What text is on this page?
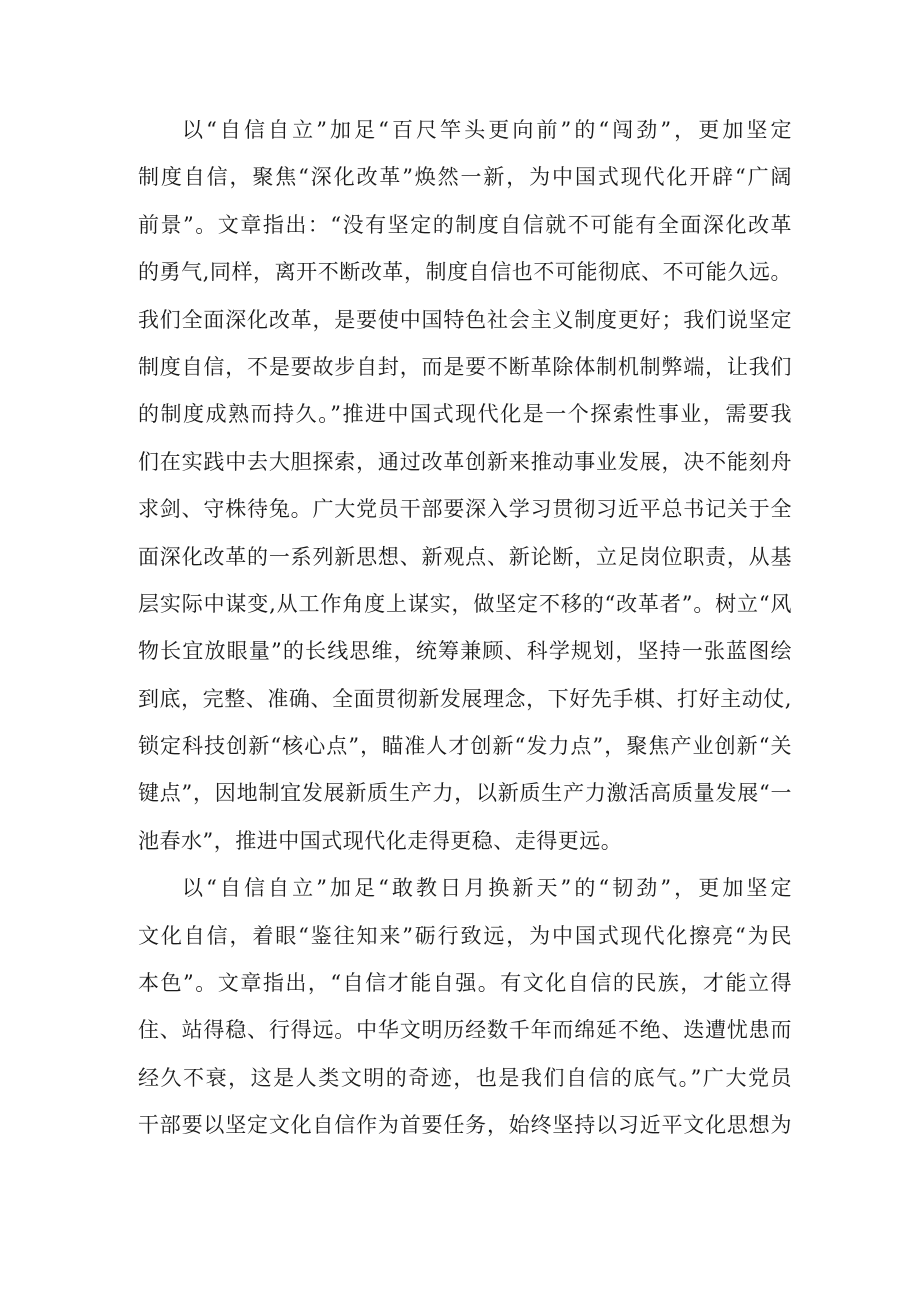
以“自信自立”加足“百尺竿头更向前”的“闯劲”，更加坚定
制度自信，聚焦“深化改革”焕然一新，为中国式现代化开辟“广阔
前景”。文章指出：“没有坚定的制度自信就不可能有全面深化改革
的勇气,同样，离开不断改革，制度自信也不可能彻底、不可能久远。
我们全面深化改革，是要使中国特色社会主义制度更好；我们说坚定
制度自信，不是要故步自封，而是要不断革除体制机制弊端，让我们
的制度成熟而持久。”推进中国式现代化是一个探索性事业，需要我
们在实践中去大胆探索，通过改革创新来推动事业发展，决不能刻舟
求剑、守株待兔。广大党员干部要深入学习贯彻习近平总书记关于全
面深化改革的一系列新思想、新观点、新论断，立足岗位职责，从基
层实际中谋变,从工作角度上谋实，做坚定不移的“改革者”。树立“风
物长宜放眼量”的长线思维，统筹兼顾、科学规划，坚持一张蓝图绘
到底，完整、准确、全面贯彻新发展理念，下好先手棋、打好主动仗,
锁定科技创新“核心点”，瞄准人才创新“发力点”，聚焦产业创新“关
键点”，因地制宜发展新质生产力，以新质生产力激活高质量发展“一
池春水”，推进中国式现代化走得更稳、走得更远。
以“自信自立”加足“敢教日月换新天”的“韧劲”，更加坚定
文化自信，着眼“鉴往知来”砺行致远，为中国式现代化擦亮“为民
本色”。文章指出，“自信才能自强。有文化自信的民族，才能立得
住、站得稳、行得远。中华文明历经数千年而绵延不绝、迭遭忧患而
经久不衰，这是人类文明的奇迹，也是我们自信的底气。”广大党员
干部要以坚定文化自信作为首要任务，始终坚持以习近平文化思想为
